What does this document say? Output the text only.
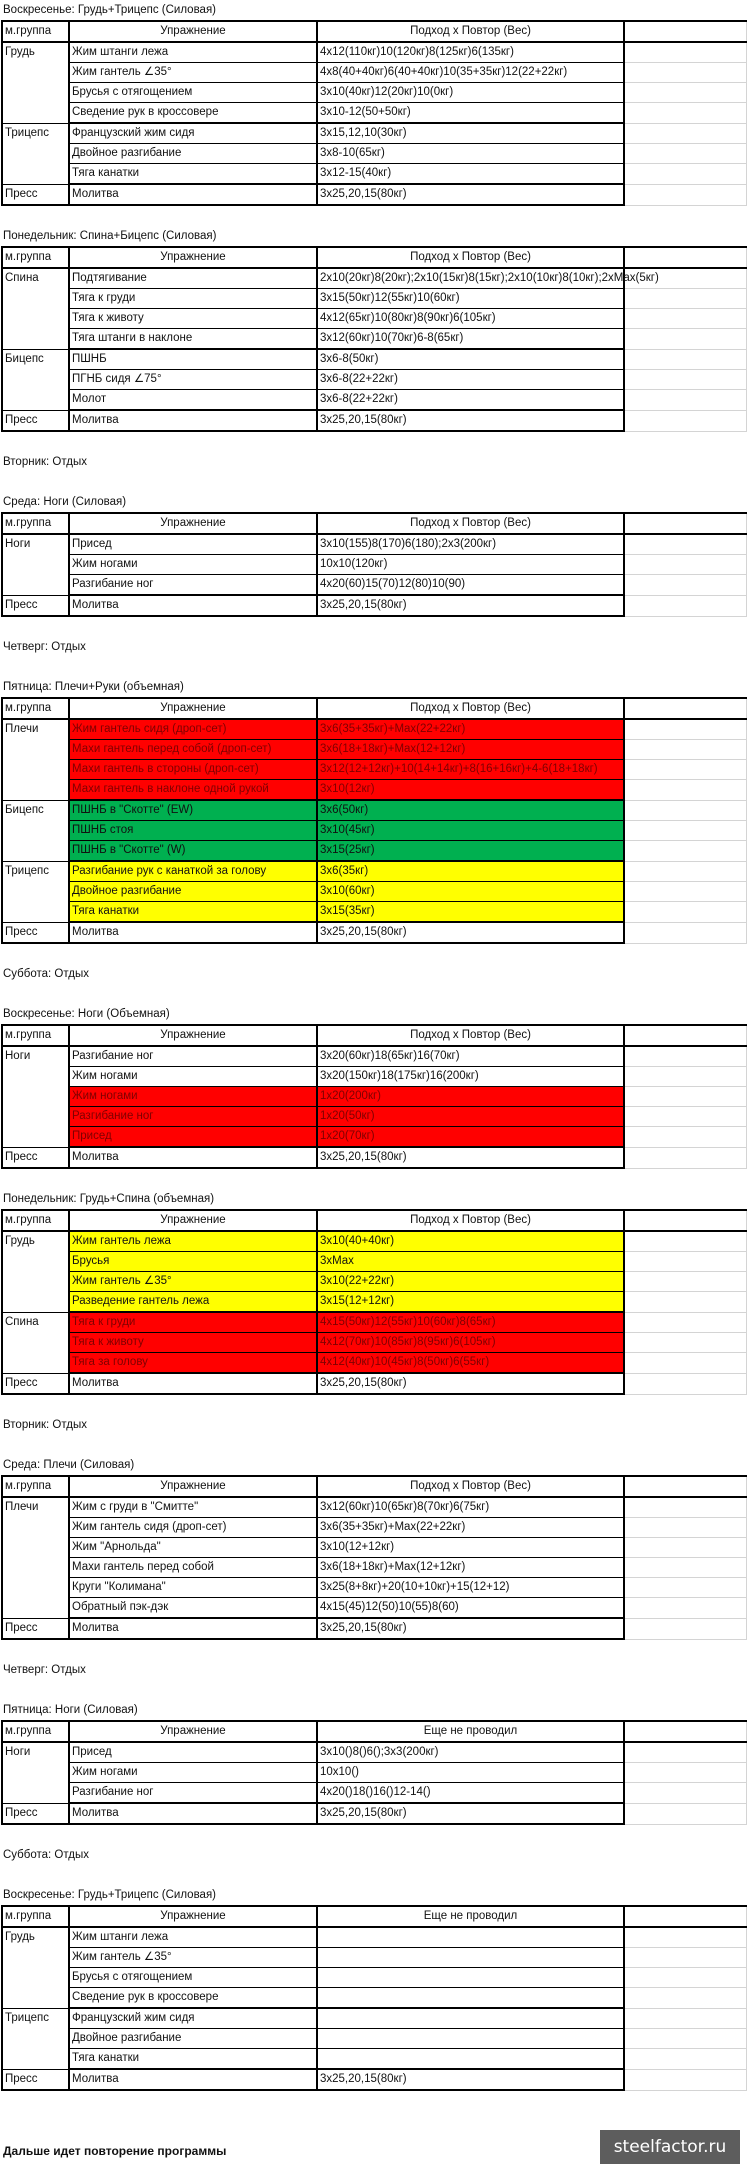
Воскресенье: Грудь+Трицепс (Силовая)
м.группа	Упражнение	Подход х Повтор (Вес)	
Грудь	Жим штанги лежа	4х12(110кг)10(120кг)8(125кг)6(135кг)	
	Жим гантель ∠35°	4х8(40+40кг)6(40+40кг)10(35+35кг)12(22+22кг)	
	Брусья с отягощением	3х10(40кг)12(20кг)10(0кг)	
	Сведение рук в кроссовере	3х10-12(50+50кг)	
Трицепс	Французский жим сидя	3х15,12,10(30кг)	
	Двойное разгибание	3х8-10(65кг)	
	Тяга канатки	3х12-15(40кг)	
Пресс	Молитва	3х25,20,15(80кг)	
Понедельник: Спина+Бицепс (Силовая)
м.группа	Упражнение	Подход х Повтор (Вес)	
Спина	Подтягивание	2х10(20кг)8(20кг);2х10(15кг)8(15кг);2х10(10кг)8(10кг);2хMax(5кг)	
	Тяга к груди	3х15(50кг)12(55кг)10(60кг)	
	Тяга к животу	4х12(65кг)10(80кг)8(90кг)6(105кг)	
	Тяга штанги в наклоне	3х12(60кг)10(70кг)6-8(65кг)	
Бицепс	ПШНБ	3х6-8(50кг)	
	ПГНБ сидя ∠75°	3х6-8(22+22кг)	
	Молот	3х6-8(22+22кг)	
Пресс	Молитва	3х25,20,15(80кг)	
Вторник: Отдых
Среда: Ноги (Силовая)
м.группа	Упражнение	Подход х Повтор (Вес)	
Ноги	Присед	3х10(155)8(170)6(180);2х3(200кг)	
	Жим ногами	10х10(120кг)	
	Разгибание ног	4х20(60)15(70)12(80)10(90)	
Пресс	Молитва	3х25,20,15(80кг)	
Четверг: Отдых
Пятница: Плечи+Руки (объемная)
м.группа	Упражнение	Подход х Повтор (Вес)	
Плечи	Жим гантель сидя (дроп-сет)	3х6(35+35кг)+Max(22+22кг)	
	Махи гантель перед собой (дроп-сет)	3х6(18+18кг)+Max(12+12кг)	
	Махи гантель в стороны (дроп-сет)	3х12(12+12кг)+10(14+14кг)+8(16+16кг)+4-6(18+18кг)	
	Махи гантель в наклоне одной рукой	3х10(12кг)	
Бицепс	ПШНБ в "Скотте" (EW)	3х6(50кг)	
	ПШНБ стоя	3х10(45кг)	
	ПШНБ в "Скотте" (W)	3х15(25кг)	
Трицепс	Разгибание рук с канаткой за голову	3х6(35кг)	
	Двойное разгибание	3х10(60кг)	
	Тяга канатки	3х15(35кг)	
Пресс	Молитва	3х25,20,15(80кг)	
Суббота: Отдых
Воскресенье: Ноги (Объемная)
м.группа	Упражнение	Подход х Повтор (Вес)	
Ноги	Разгибание ног	3х20(60кг)18(65кг)16(70кг)	
	Жим ногами	3х20(150кг)18(175кг)16(200кг)	
	Жим ногами	1х20(200кг)	
	Разгибание ног	1х20(50кг)	
	Присед	1х20(70кг)	
Пресс	Молитва	3х25,20,15(80кг)	
Понедельник: Грудь+Спина (объемная)
м.группа	Упражнение	Подход х Повтор (Вес)	
Грудь	Жим гантель лежа	3х10(40+40кг)	
	Брусья	3хMax	
	Жим гантель ∠35°	3х10(22+22кг)	
	Разведение гантель лежа	3х15(12+12кг)	
Спина	Тяга к груди	4х15(50кг)12(55кг)10(60кг)8(65кг)	
	Тяга к животу	4х12(70кг)10(85кг)8(95кг)6(105кг)	
	Тяга за голову	4х12(40кг)10(45кг)8(50кг)6(55кг)	
Пресс	Молитва	3х25,20,15(80кг)	
Вторник: Отдых
Среда: Плечи (Силовая)
м.группа	Упражнение	Подход х Повтор (Вес)	
Плечи	Жим с груди в "Смитте"	3х12(60кг)10(65кг)8(70кг)6(75кг)	
	Жим гантель сидя (дроп-сет)	3х6(35+35кг)+Max(22+22кг)	
	Жим "Арнольда"	3х10(12+12кг)	
	Махи гантель перед собой	3х6(18+18кг)+Max(12+12кг)	
	Круги "Колимана"	3х25(8+8кг)+20(10+10кг)+15(12+12)	
	Обратный пэк-дэк	4х15(45)12(50)10(55)8(60)	
Пресс	Молитва	3х25,20,15(80кг)	
Четверг: Отдых
Пятница: Ноги (Силовая)
м.группа	Упражнение	Еще не проводил	
Ноги	Присед	3х10()8()6();3х3(200кг)	
	Жим ногами	10х10()	
	Разгибание ног	4х20()18()16()12-14()	
Пресс	Молитва	3х25,20,15(80кг)	
Суббота: Отдых
Воскресенье: Грудь+Трицепс (Силовая)
м.группа	Упражнение	Еще не проводил	
Грудь	Жим штанги лежа		
	Жим гантель ∠35°		
	Брусья с отягощением		
	Сведение рук в кроссовере		
Трицепс	Французский жим сидя		
	Двойное разгибание		
	Тяга канатки		
Пресс	Молитва	3х25,20,15(80кг)	
Дальше идет повторение программы	steelfactor.ru
